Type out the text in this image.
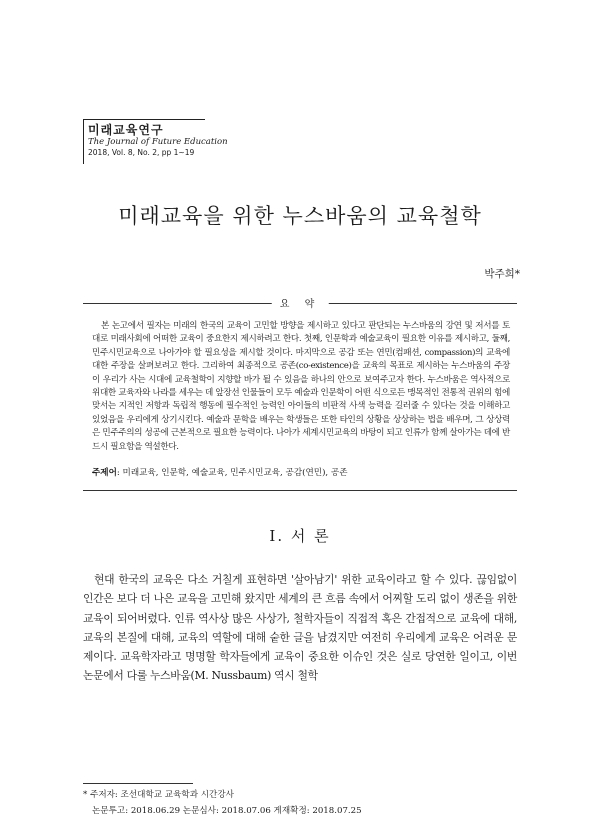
미래교육연구
The Journal of Future Education
2018, Vol. 8, No. 2, pp 1~19
미래교육을 위한 누스바움의 교육철학
박주희*
요 약

본 논고에서 필자는 미래의 한국의 교육이 고민할 방향을 제시하고 있다고 판단되는 누스바움의 강연 및 저서를 토대로 미래사회에 어떠한 교육이 중요한지 제시하려고 한다. 첫째, 인문학과 예술교육이 필요한 이유를 제시하고, 둘째, 민주시민교육으로 나아가야 할 필요성을 제시할 것이다. 마지막으로 공감 또는 연민(컴패션, compassion)의 교육에 대한 주장을 살펴보려고 한다. 그리하여 최종적으로 공존(co-existence)을 교육의 목표로 제시하는 누스바움의 주장이 우리가 사는 시대에 교육철학이 지향할 바가 될 수 있음을 하나의 안으로 보여주고자 한다. 누스바움은 역사적으로 위대한 교육자와 나라를 세우는 데 앞장선 인물들이 모두 예술과 인문학이 어떤 식으로든 맹목적인 전통적 권위의 힘에 맞서는 지적인 저항과 독립적 행동에 필수적인 능력인 아이들의 비판적 사색 능력을 길러줄 수 있다는 것을 이해하고 있었음을 우리에게 상기시킨다. 예술과 문학을 배우는 학생들은 또한 타인의 상황을 상상하는 법을 배우며, 그 상상력은 민주주의의 성공에 근본적으로 필요한 능력이다. 나아가 세계시민교육의 바탕이 되고 인류가 함께 살아가는 데에 반드시 필요함을 역설한다.

주제어: 미래교육, 인문학, 예술교육, 민주시민교육, 공감(연민), 공존
Ⅰ. 서 론

현대 한국의 교육은 다소 거칠게 표현하면 '살아남기' 위한 교육이라고 할 수 있다. 끊임없이 인간은 보다 더 나은 교육을 고민해 왔지만 세계의 큰 흐름 속에서 어찌할 도리 없이 생존을 위한 교육이 되어버렸다. 인류 역사상 많은 사상가, 철학자들이 직접적 혹은 간접적으로 교육에 대해, 교육의 본질에 대해, 교육의 역할에 대해 숱한 글을 남겼지만 여전히 우리에게 교육은 어려운 문제이다. 교육학자라고 명명할 학자들에게 교육이 중요한 이슈인 것은 실로 당연한 일이고, 이번 논문에서 다룰 누스바움(M. Nussbaum) 역시 철학

* 주저자: 조선대학교 교육학과 시간강사
논문투고: 2018.06.29 논문심사: 2018.07.06 게재확정: 2018.07.25
